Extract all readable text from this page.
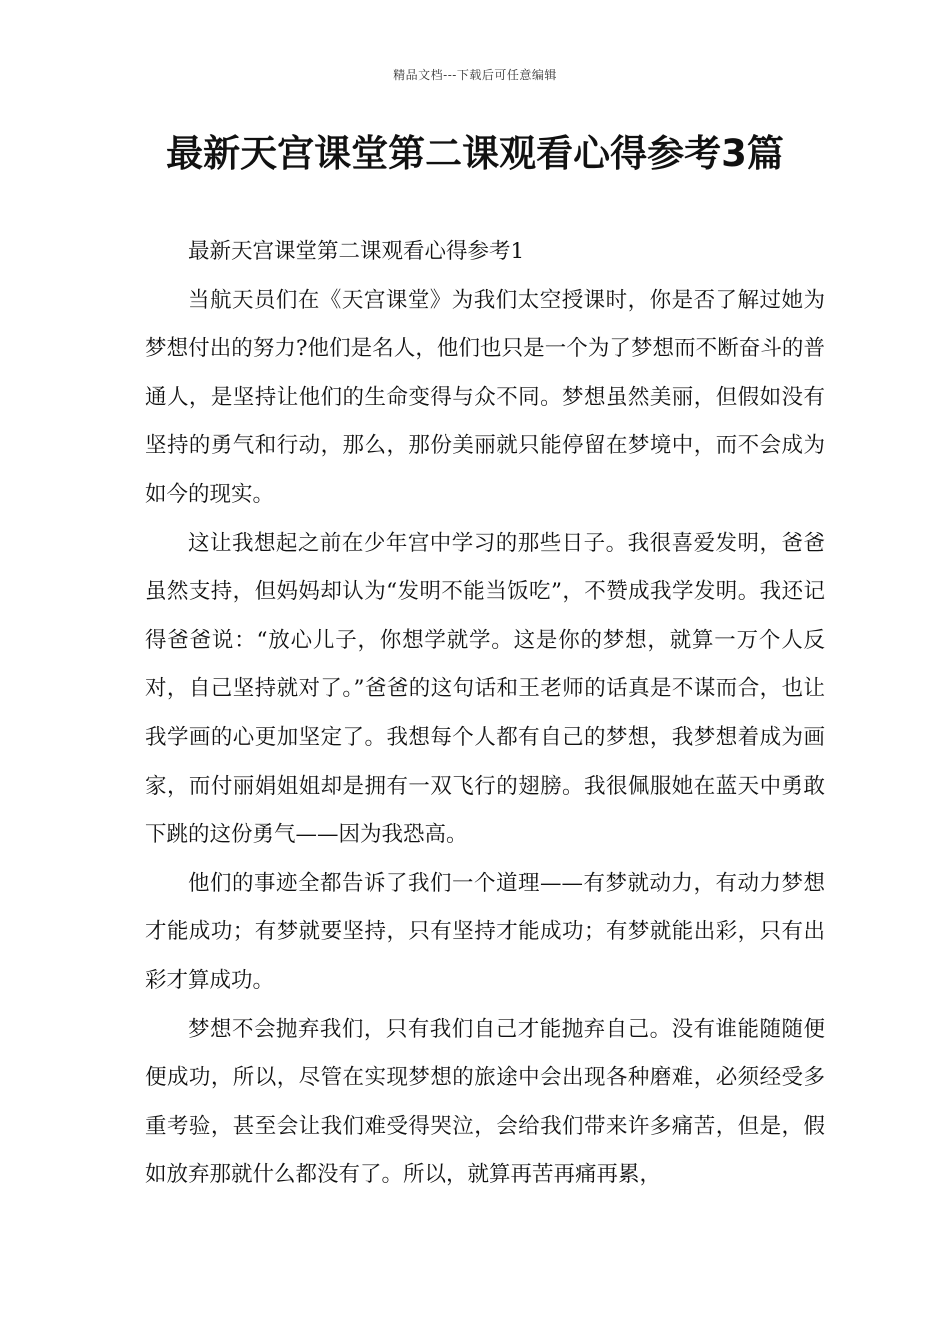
精品文档---下载后可任意编辑
最新天宫课堂第二课观看心得参考3篇

最新天宫课堂第二课观看心得参考1

当航天员们在《天宫课堂》为我们太空授课时，你是否了解过她为梦想付出的努力?他们是名人，他们也只是一个为了梦想而不断奋斗的普通人，是坚持让他们的生命变得与众不同。梦想虽然美丽，但假如没有坚持的勇气和行动，那么，那份美丽就只能停留在梦境中，而不会成为如今的现实。

这让我想起之前在少年宫中学习的那些日子。我很喜爱发明，爸爸虽然支持，但妈妈却认为“发明不能当饭吃”，不赞成我学发明。我还记得爸爸说：“放心儿子，你想学就学。这是你的梦想，就算一万个人反对，自己坚持就对了。”爸爸的这句话和王老师的话真是不谋而合，也让我学画的心更加坚定了。我想每个人都有自己的梦想，我梦想着成为画家，而付丽娟姐姐却是拥有一双飞行的翅膀。我很佩服她在蓝天中勇敢下跳的这份勇气——因为我恐高。

他们的事迹全都告诉了我们一个道理——有梦就动力，有动力梦想才能成功；有梦就要坚持，只有坚持才能成功；有梦就能出彩，只有出彩才算成功。

梦想不会抛弃我们，只有我们自己才能抛弃自己。没有谁能随随便便成功，所以，尽管在实现梦想的旅途中会出现各种磨难，必须经受多重考验，甚至会让我们难受得哭泣，会给我们带来许多痛苦，但是，假如放弃那就什么都没有了。所以，就算再苦再痛再累，
